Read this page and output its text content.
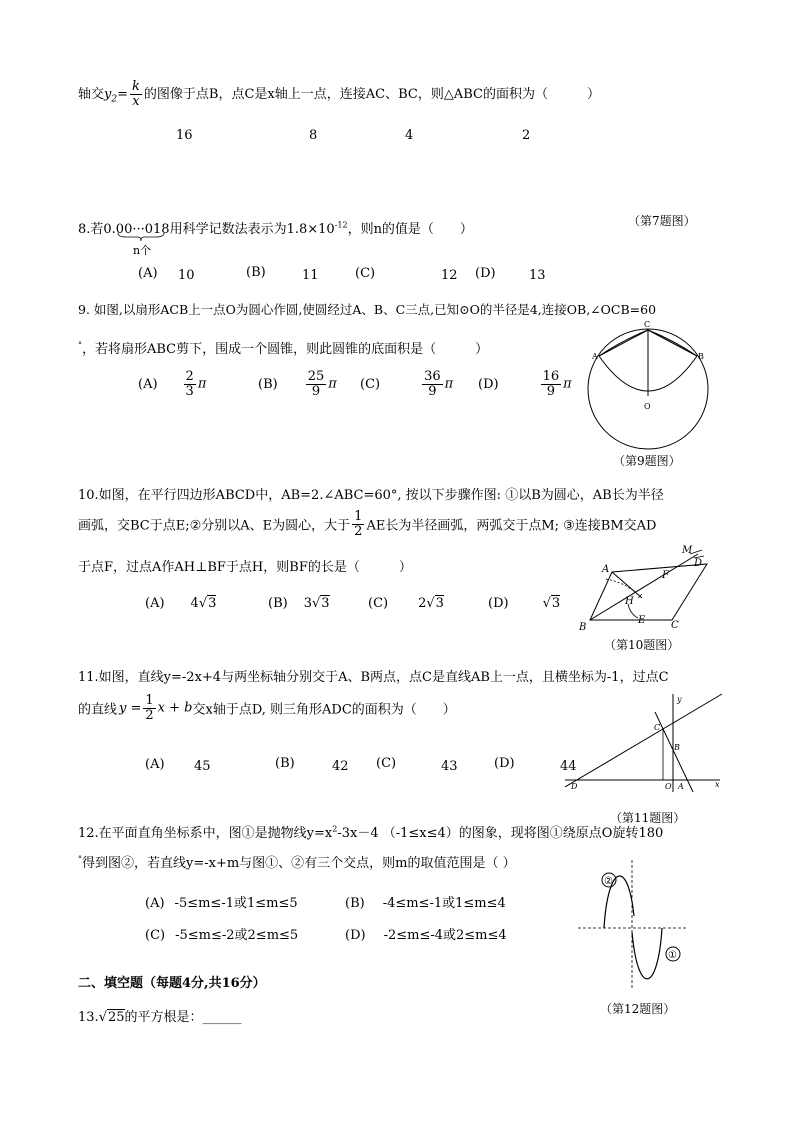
轴交$y_2= \frac{k}{x}$ 的图像于点B，点C是x轴上一点，连接AC、BC，则△ABC的面积为（　　　）
16	8	4	2
（第7题图）
8.若0.00···018用科学记数法表示为$1.8\times 10^{-12}$，则n的值是（　　）
n个
(A) 10	(B)	11	(C)	12 (D)	13
9. 如图,以扇形ACB上一点O为圆心作圆,使圆经过A、B、C三点,已知⊙O的半径是4,连接OB,∠OCB=60
°，若将扇形ABC剪下，围成一个圆锥，则此圆锥的底面积是（　　　）
$(A) \frac{2}{3}$ π	$(B) \frac{25}{9}$ π (C)	$\frac{36}{9}$ π (D)	$\frac{16}{9}$ π
C
A	B
O
（第9题图）
10.如图，在平行四边形ABCD中，AB=2.∠ABC=60°, 按以下步骤作图: ①以B为圆心，AB长为半径
画弧，交BC于点E;②分别以A、E为圆心，大于 $\frac{1}{2}$ AE长为半径画弧，两弧交于点M; ③连接BM交AD
于点F，过点A作AH⊥BF于点H，则BF的长是（　　　）
(A) 4√3	(B) 3√3	(C) 2√3	(D)	√3
A
B	C
D
E
F
H
M
（第10题图）
11.如图，直线y=-2x+4与两坐标轴分别交于A、B两点，点C是直线AB上一点，且横坐标为-1，过点C
的直线 $y = \frac{1}{2}$ x + b交x轴于点D, 则三角形ADC的面积为（　　）
(A) 45	(B)	42 (C)	43	(D)	44
y
x
C
B
D	O A
（第11题图）
12.在平面直角坐标系中，图①是抛物线$y=x^2-3x-4$ （-1≤x≤4）的图象，现将图①绕原点O旋转180
°得到图②，若直线y=-x+m与图①、②有三个交点，则m的取值范围是（ ）
(A) -5≤m≤-1或1≤m≤5	(B) -4≤m≤-1或1≤m≤4
(C) -5≤m≤-2或2≤m≤5	(D) -2≤m≤-4或2≤m≤4
②
①
（第12题图）
二、填空题（每题4分,共16分）
13.√25的平方根是：______
